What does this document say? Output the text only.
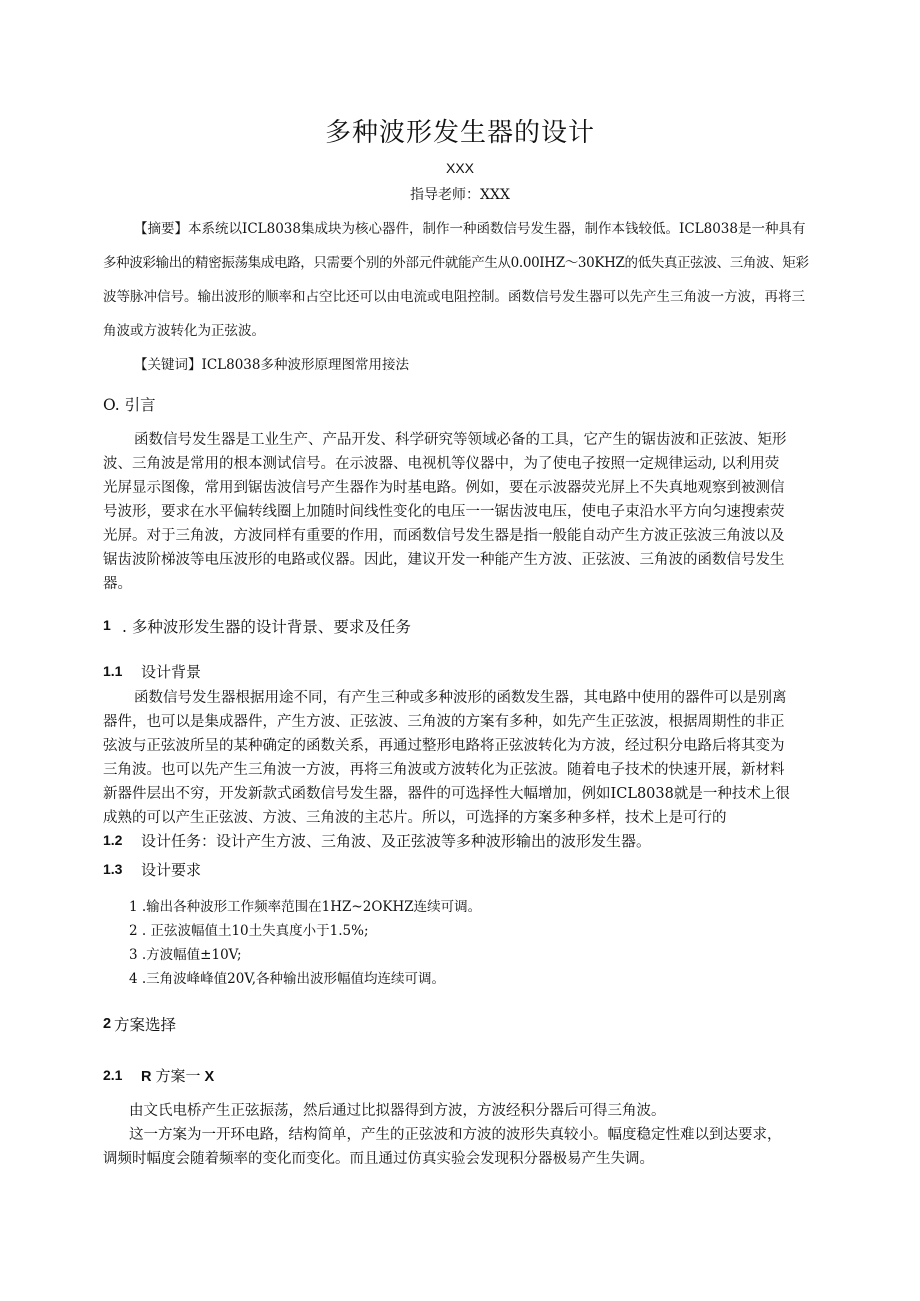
多种波形发生器的设计
XXX
指导老师：XXX
【摘要】本系统以ICL8038集成块为核心器件，制作一种函数信号发生器，制作本钱较低。ICL8038是一种具有
多种波彩输出的精密振荡集成电路，只需要个别的外部元件就能产生从0.00IHZ～30KHZ的低失真正弦波、三角波、矩彩
波等脉冲信号。输出波形的顺率和占空比还可以由电流或电阻控制。函数信号发生器可以先产生三角波一方波，再将三
角波或方波转化为正弦波。
【关键词】ICL8038多种波形原理图常用接法
O. 引言
函数信号发生器是工业生产、产品开发、科学研究等领域必备的工具，它产生的锯齿波和正弦波、矩形
波、三角波是常用的根本测试信号。在示波器、电视机等仪器中，为了使电子按照一定规律运动, 以利用荧
光屏显示图像，常用到锯齿波信号产生器作为时基电路。例如，要在示波器荧光屏上不失真地观察到被测信
号波形，要求在水平偏转线圈上加随时间线性变化的电压一一锯齿波电压，使电子束沿水平方向匀速搜索荧
光屏。对于三角波，方波同样有重要的作用，而函数信号发生器是指一般能自动产生方波正弦波三角波以及
锯齿波阶梯波等电压波形的电路或仪器。因此，建议开发一种能产生方波、正弦波、三角波的函数信号发生
器。
1 . 多种波形发生器的设计背景、要求及任务
1.1 设计背景
函数信号发生器根据用途不同，有产生三种或多种波形的函数发生器，其电路中使用的器件可以是别离
器件，也可以是集成器件，产生方波、正弦波、三角波的方案有多种，如先产生正弦波，根据周期性的非正
弦波与正弦波所呈的某种确定的函数关系，再通过整形电路将正弦波转化为方波，经过积分电路后将其变为
三角波。也可以先产生三角波一方波，再将三角波或方波转化为正弦波。随着电子技术的快速开展，新材料
新器件层出不穷，开发新款式函数信号发生器，器件的可选择性大幅增加，例如ICL8038就是一种技术上很
成熟的可以产生正弦波、方波、三角波的主芯片。所以，可选择的方案多种多样，技术上是可行的
1.2 设计任务：设计产生方波、三角波、及正弦波等多种波形输出的波形发生器。
1.3 设计要求
1 .输出各种波形工作频率范围在1HZ~2OKHZ连续可调。
2 . 正弦波幅值土10土失真度小于1.5%;
3 .方波幅值±10V;
4 .三角波峰峰值20V,各种输出波形幅值均连续可调。
2 方案选择
2.1 R 方案一 X
由文氏电桥产生正弦振荡，然后通过比拟器得到方波，方波经积分器后可得三角波。
这一方案为一开环电路，结构简单，产生的正弦波和方波的波形失真较小。幅度稳定性难以到达要求，
调频时幅度会随着频率的变化而变化。而且通过仿真实验会发现积分器极易产生失调。
